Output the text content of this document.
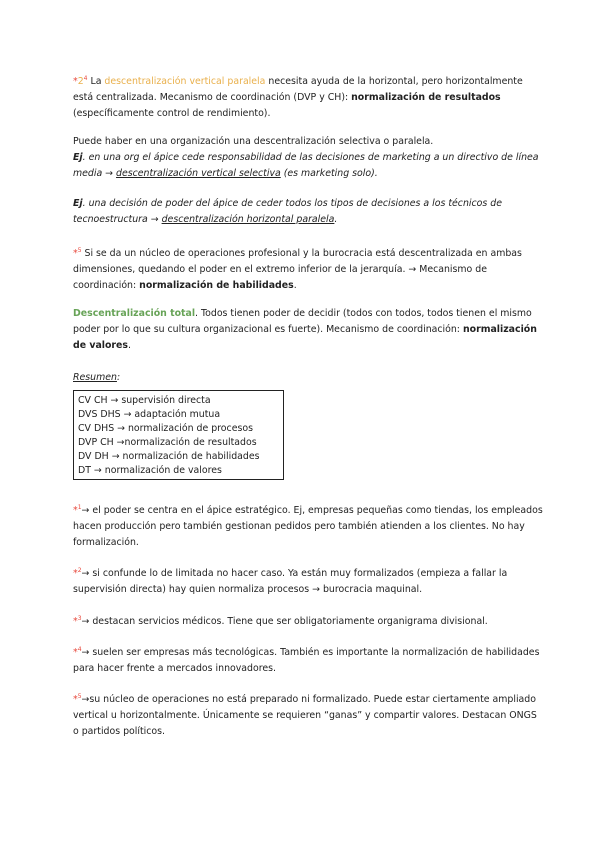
$*2^4$ La descentralización vertical paralela necesita ayuda de la horizontal, pero horizontalmente está centralizada. Mecanismo de coordinación (DVP y CH): normalización de resultados (específicamente control de rendimiento).

Puede haber en una organización una descentralización selectiva o paralela.

Ej. en una org el ápice cede responsabilidad de las decisiones de marketing a un directivo de línea media → descentralización vertical selectiva (es marketing solo).

Ej. una decisión de poder del ápice de ceder todos los tipos de decisiones a los técnicos de tecnoestructura → descentralización horizontal paralela.

*$^5$ Si se da un núcleo de operaciones profesional y la burocracia está descentralizada en ambas dimensiones, quedando el poder en el extremo inferior de la jerarquía. → Mecanismo de coordinación: normalización de habilidades.

Descentralización total. Todos tienen poder de decidir (todos con todos, todos tienen el mismo poder por lo que su cultura organizacional es fuerte). Mecanismo de coordinación: normalización de valores.

Resumen:

CV CH → supervisión directa

DVS DHS → adaptación mutua

CV DHS → normalización de procesos

DVP CH →normalización de resultados

DV DH → normalización de habilidades

DT → normalización de valores

*$^1$→ el poder se centra en el ápice estratégico. Ej, empresas pequeñas como tiendas, los empleados hacen producción pero también gestionan pedidos pero también atienden a los clientes. No hay formalización.

*$^2$→ si confunde lo de limitada no hacer caso. Ya están muy formalizados (empieza a fallar la supervisión directa) hay quien normaliza procesos → burocracia maquinal.

*$^3$→ destacan servicios médicos. Tiene que ser obligatoriamente organigrama divisional.

*$^4$→ suelen ser empresas más tecnológicas. También es importante la normalización de habilidades para hacer frente a mercados innovadores.

*$^5$→su núcleo de operaciones no está preparado ni formalizado. Puede estar ciertamente ampliado vertical u horizontalmente. Únicamente se requieren “ganas” y compartir valores. Destacan ONGS o partidos políticos.
